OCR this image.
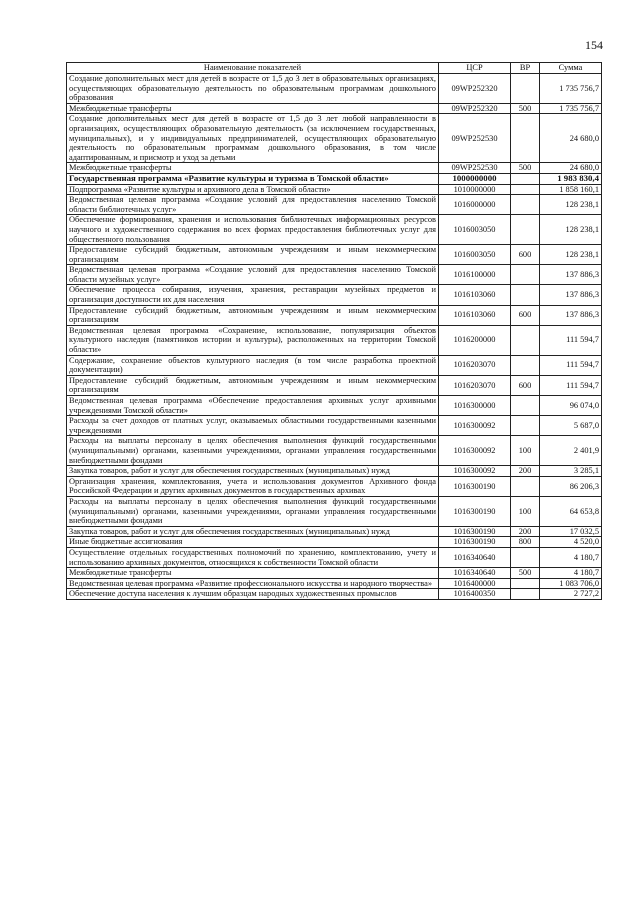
154
Наименование показателей	ЦСР	ВР	Сумма
Создание дополнительных мест для детей в возрасте от 1,5 до 3 лет в образовательных организациях, осуществляющих образовательную деятельность по образовательным программам дошкольного образования	09WP252320		1 735 756,7
Межбюджетные трансферты	09WP252320	500	1 735 756,7
Создание дополнительных мест для детей в возрасте от 1,5 до 3 лет любой направленности в организациях, осуществляющих образовательную деятельность (за исключением государственных, муниципальных), и у индивидуальных предпринимателей, осуществляющих образовательную деятельность по образовательным программам дошкольного образования, в том числе адаптированным, и присмотр и уход за детьми	09WP252530		24 680,0
Межбюджетные трансферты	09WP252530	500	24 680,0
Государственная программа «Развитие культуры и туризма в Томской области»	1000000000		1 983 830,4
Подпрограмма «Развитие культуры и архивного дела в Томской области»	1010000000		1 858 160,1
Ведомственная целевая программа «Создание условий для предоставления населению Томской области библиотечных услуг»	1016000000		128 238,1
Обеспечение формирования, хранения и использования библиотечных информационных ресурсов научного и художественного содержания во всех формах предоставления библиотечных услуг для общественного пользования	1016003050		128 238,1
Предоставление субсидий бюджетным, автономным учреждениям и иным некоммерческим организациям	1016003050	600	128 238,1
Ведомственная целевая программа «Создание условий для предоставления населению Томской области музейных услуг»	1016100000		137 886,3
Обеспечение процесса собирания, изучения, хранения, реставрации музейных предметов и организация доступности их для населения	1016103060		137 886,3
Предоставление субсидий бюджетным, автономным учреждениям и иным некоммерческим организациям	1016103060	600	137 886,3
Ведомственная целевая программа «Сохранение, использование, популяризация объектов культурного наследия (памятников истории и культуры), расположенных на территории Томской области»	1016200000		111 594,7
Содержание, сохранение объектов культурного наследия (в том числе разработка проектной документации)	1016203070		111 594,7
Предоставление субсидий бюджетным, автономным учреждениям и иным некоммерческим организациям	1016203070	600	111 594,7
Ведомственная целевая программа «Обеспечение предоставления архивных услуг архивными учреждениями Томской области»	1016300000		96 074,0
Расходы за счет доходов от платных услуг, оказываемых областными государственными казенными учреждениями	1016300092		5 687,0
Расходы на выплаты персоналу в целях обеспечения выполнения функций государственными (муниципальными) органами, казенными учреждениями, органами управления государственными внебюджетными фондами	1016300092	100	2 401,9
Закупка товаров, работ и услуг для обеспечения государственных (муниципальных) нужд	1016300092	200	3 285,1
Организация хранения, комплектования, учета и использования документов Архивного фонда Российской Федерации и других архивных документов в государственных архивах	1016300190		86 206,3
Расходы на выплаты персоналу в целях обеспечения выполнения функций государственными (муниципальными) органами, казенными учреждениями, органами управления государственными внебюджетными фондами	1016300190	100	64 653,8
Закупка товаров, работ и услуг для обеспечения государственных (муниципальных) нужд	1016300190	200	17 032,5
Иные бюджетные ассигнования	1016300190	800	4 520,0
Осуществление отдельных государственных полномочий по хранению, комплектованию, учету и использованию архивных документов, относящихся к собственности Томской области	1016340640		4 180,7
Межбюджетные трансферты	1016340640	500	4 180,7
Ведомственная целевая программа «Развитие профессионального искусства и народного творчества»	1016400000		1 083 706,0
Обеспечение доступа населения к лучшим образцам народных художественных промыслов	1016400350		2 727,2
